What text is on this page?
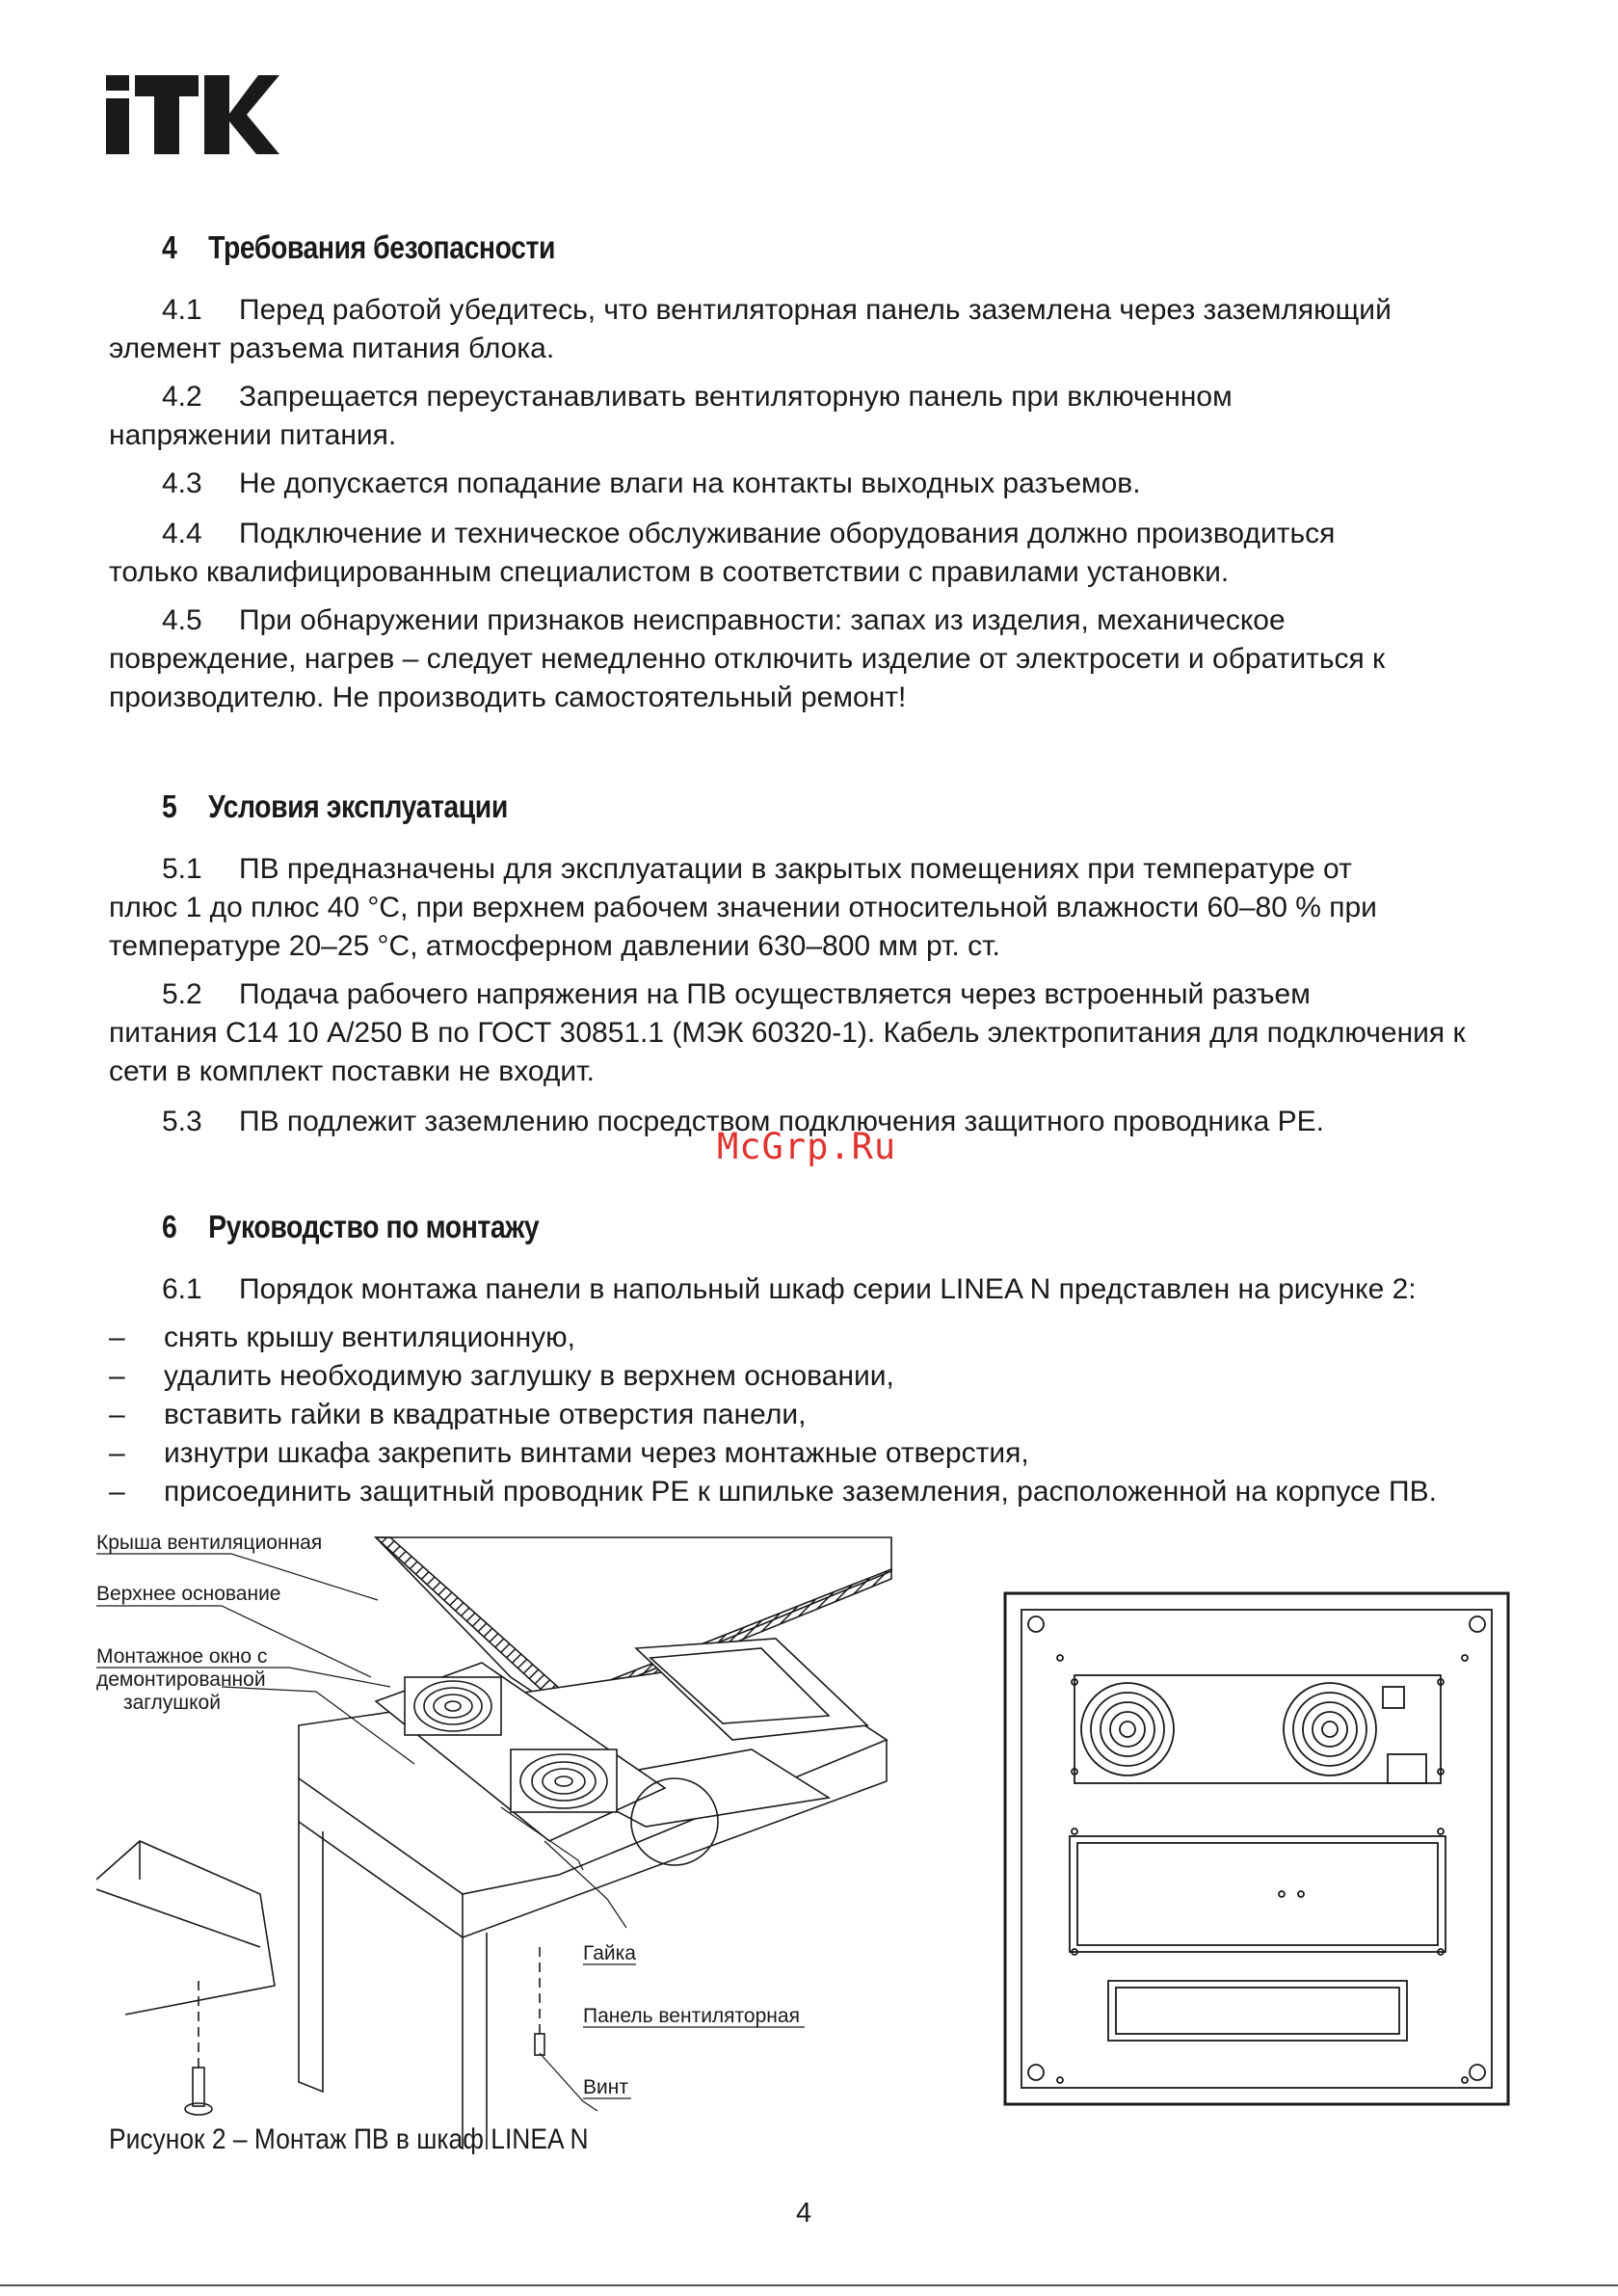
4 Требования безопасности
4.1 Перед работой убедитесь, что вентиляторная панель заземлена через заземляющий
элемент разъема питания блока.
4.2 Запрещается переустанавливать вентиляторную панель при включенном
напряжении питания.
4.3 Не допускается попадание влаги на контакты выходных разъемов.
4.4 Подключение и техническое обслуживание оборудования должно производиться
только квалифицированным специалистом в соответствии с правилами установки.
4.5 При обнаружении признаков неисправности: запах из изделия, механическое
повреждение, нагрев – следует немедленно отключить изделие от электросети и обратиться к производителю. Не производить самостоятельный ремонт!
5 Условия эксплуатации
5.1 ПВ предназначены для эксплуатации в закрытых помещениях при температуре от
плюс 1 до плюс 40 °C, при верхнем рабочем значении относительной влажности 60–80 % при температуре 20–25 °C, атмосферном давлении 630–800 мм рт. ст.
5.2 Подача рабочего напряжения на ПВ осуществляется через встроенный разъем
питания С14 10 А/250 В по ГОСТ 30851.1 (МЭК 60320-1). Кабель электропитания для подключения к сети в комплект поставки не входит.
5.3 ПВ подлежит заземлению посредством подключения защитного проводника PE.
McGrp.Ru
6 Руководство по монтажу
6.1 Порядок монтажа панели в напольный шкаф серии LINEA N представлен на рисунке 2:
– снять крышу вентиляционную,
– удалить необходимую заглушку в верхнем основании,
– вставить гайки в квадратные отверстия панели,
– изнутри шкафа закрепить винтами через монтажные отверстия,
– присоединить защитный проводник PE к шпильке заземления, расположенной на корпусе ПВ.
Крыша вентиляционная
Верхнее основание
Монтажное окно с
демонтированной
заглушкой
Гайка
Панель вентиляторная
Винт
Рисунок 2 – Монтаж ПВ в шкаф LINEA N
4
